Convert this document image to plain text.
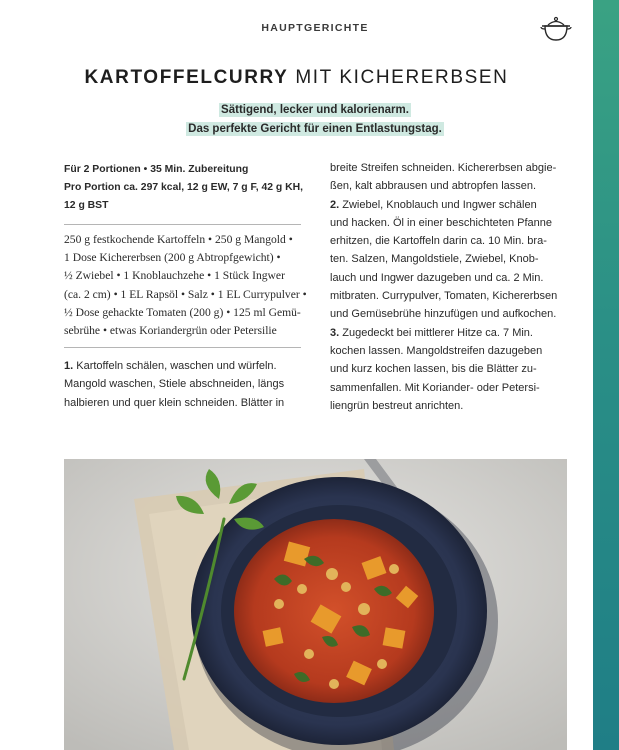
HAUPTGERICHTE
KARTOFFELCURRY MIT KICHERERBSEN
Sättigend, lecker und kalorienarm.
Das perfekte Gericht für einen Entlastungstag.
Für 2 Portionen • 35 Min. Zubereitung
Pro Portion ca. 297 kcal, 12 g EW, 7 g F, 42 g KH,
12 g BST
250 g festkochende Kartoffeln • 250 g Mangold •
1 Dose Kichererbsen (200 g Abtropfgewicht) •
½ Zwiebel • 1 Knoblauchzehe • 1 Stück Ingwer
(ca. 2 cm) • 1 EL Rapsöl • Salz • 1 EL Currypulver •
½ Dose gehackte Tomaten (200 g) • 125 ml Gemü-
sebrühe • etwas Koriandergrün oder Petersilie
1. Kartoffeln schälen, waschen und würfeln.
Mangold waschen, Stiele abschneiden, längs
halbieren und quer klein schneiden. Blätter in
breite Streifen schneiden. Kichererbsen abgie-
ßen, kalt abbrausen und abtropfen lassen.
2. Zwiebel, Knoblauch und Ingwer schälen
und hacken. Öl in einer beschichteten Pfanne
erhitzen, die Kartoffeln darin ca. 10 Min. bra-
ten. Salzen, Mangoldstiele, Zwiebel, Knob-
lauch und Ingwer dazugeben und ca. 2 Min.
mitbraten. Currypulver, Tomaten, Kichererbsen
und Gemüsebrühe hinzufügen und aufkochen.
3. Zugedeckt bei mittlerer Hitze ca. 7 Min.
kochen lassen. Mangoldstreifen dazugeben
und kurz kochen lassen, bis die Blätter zu-
sammenfallen. Mit Koriander- oder Petersi-
liengrün bestreut anrichten.
